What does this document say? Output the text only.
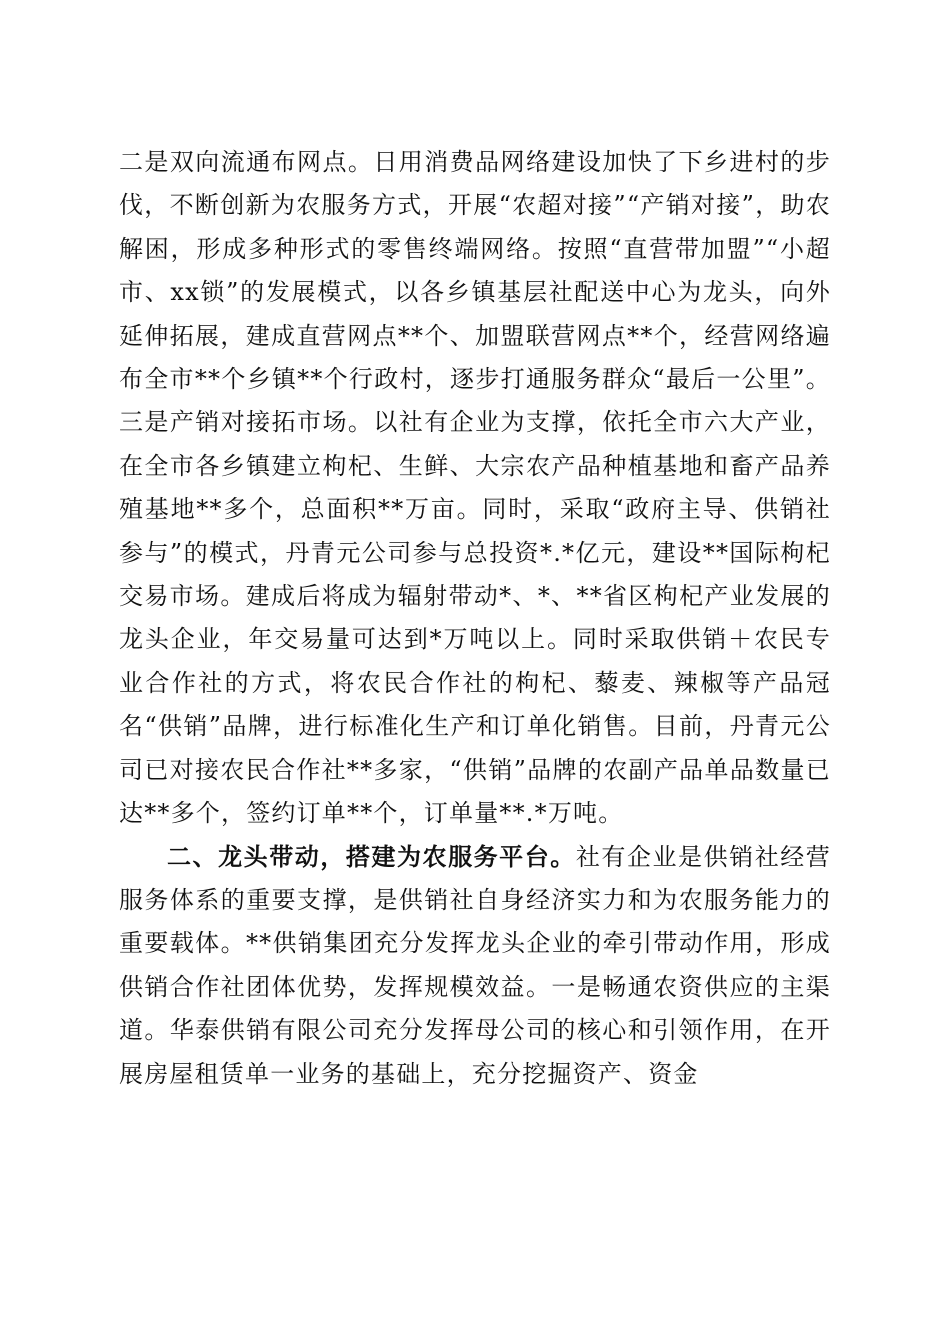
二是双向流通布网点。日用消费品网络建设加快了下乡进村的步伐，不断创新为农服务方式，开展“农超对接”“产销对接”，助农解困，形成多种形式的零售终端网络。按照“直营带加盟”“小超市、xx锁”的发展模式，以各乡镇基层社配送中心为龙头，向外延伸拓展，建成直营网点**个、加盟联营网点**个，经营网络遍布全市**个乡镇**个行政村，逐步打通服务群众“最后一公里”。三是产销对接拓市场。以社有企业为支撑，依托全市六大产业，在全市各乡镇建立枸杞、生鲜、大宗农产品种植基地和畜产品养殖基地**多个，总面积**万亩。同时，采取“政府主导、供销社参与”的模式，丹青元公司参与总投资*.*亿元，建设**国际枸杞交易市场。建成后将成为辐射带动*、*、**省区枸杞产业发展的龙头企业，年交易量可达到*万吨以上。同时采取供销＋农民专业合作社的方式，将农民合作社的枸杞、藜麦、辣椒等产品冠名“供销”品牌，进行标准化生产和订单化销售。目前，丹青元公司已对接农民合作社**多家，“供销”品牌的农副产品单品数量已达**多个，签约订单**个，订单量**.*万吨。

二、龙头带动，搭建为农服务平台。社有企业是供销社经营服务体系的重要支撑，是供销社自身经济实力和为农服务能力的重要载体。**供销集团充分发挥龙头企业的牵引带动作用，形成供销合作社团体优势，发挥规模效益。一是畅通农资供应的主渠道。华泰供销有限公司充分发挥母公司的核心和引领作用，在开展房屋租赁单一业务的基础上，充分挖掘资产、资金
